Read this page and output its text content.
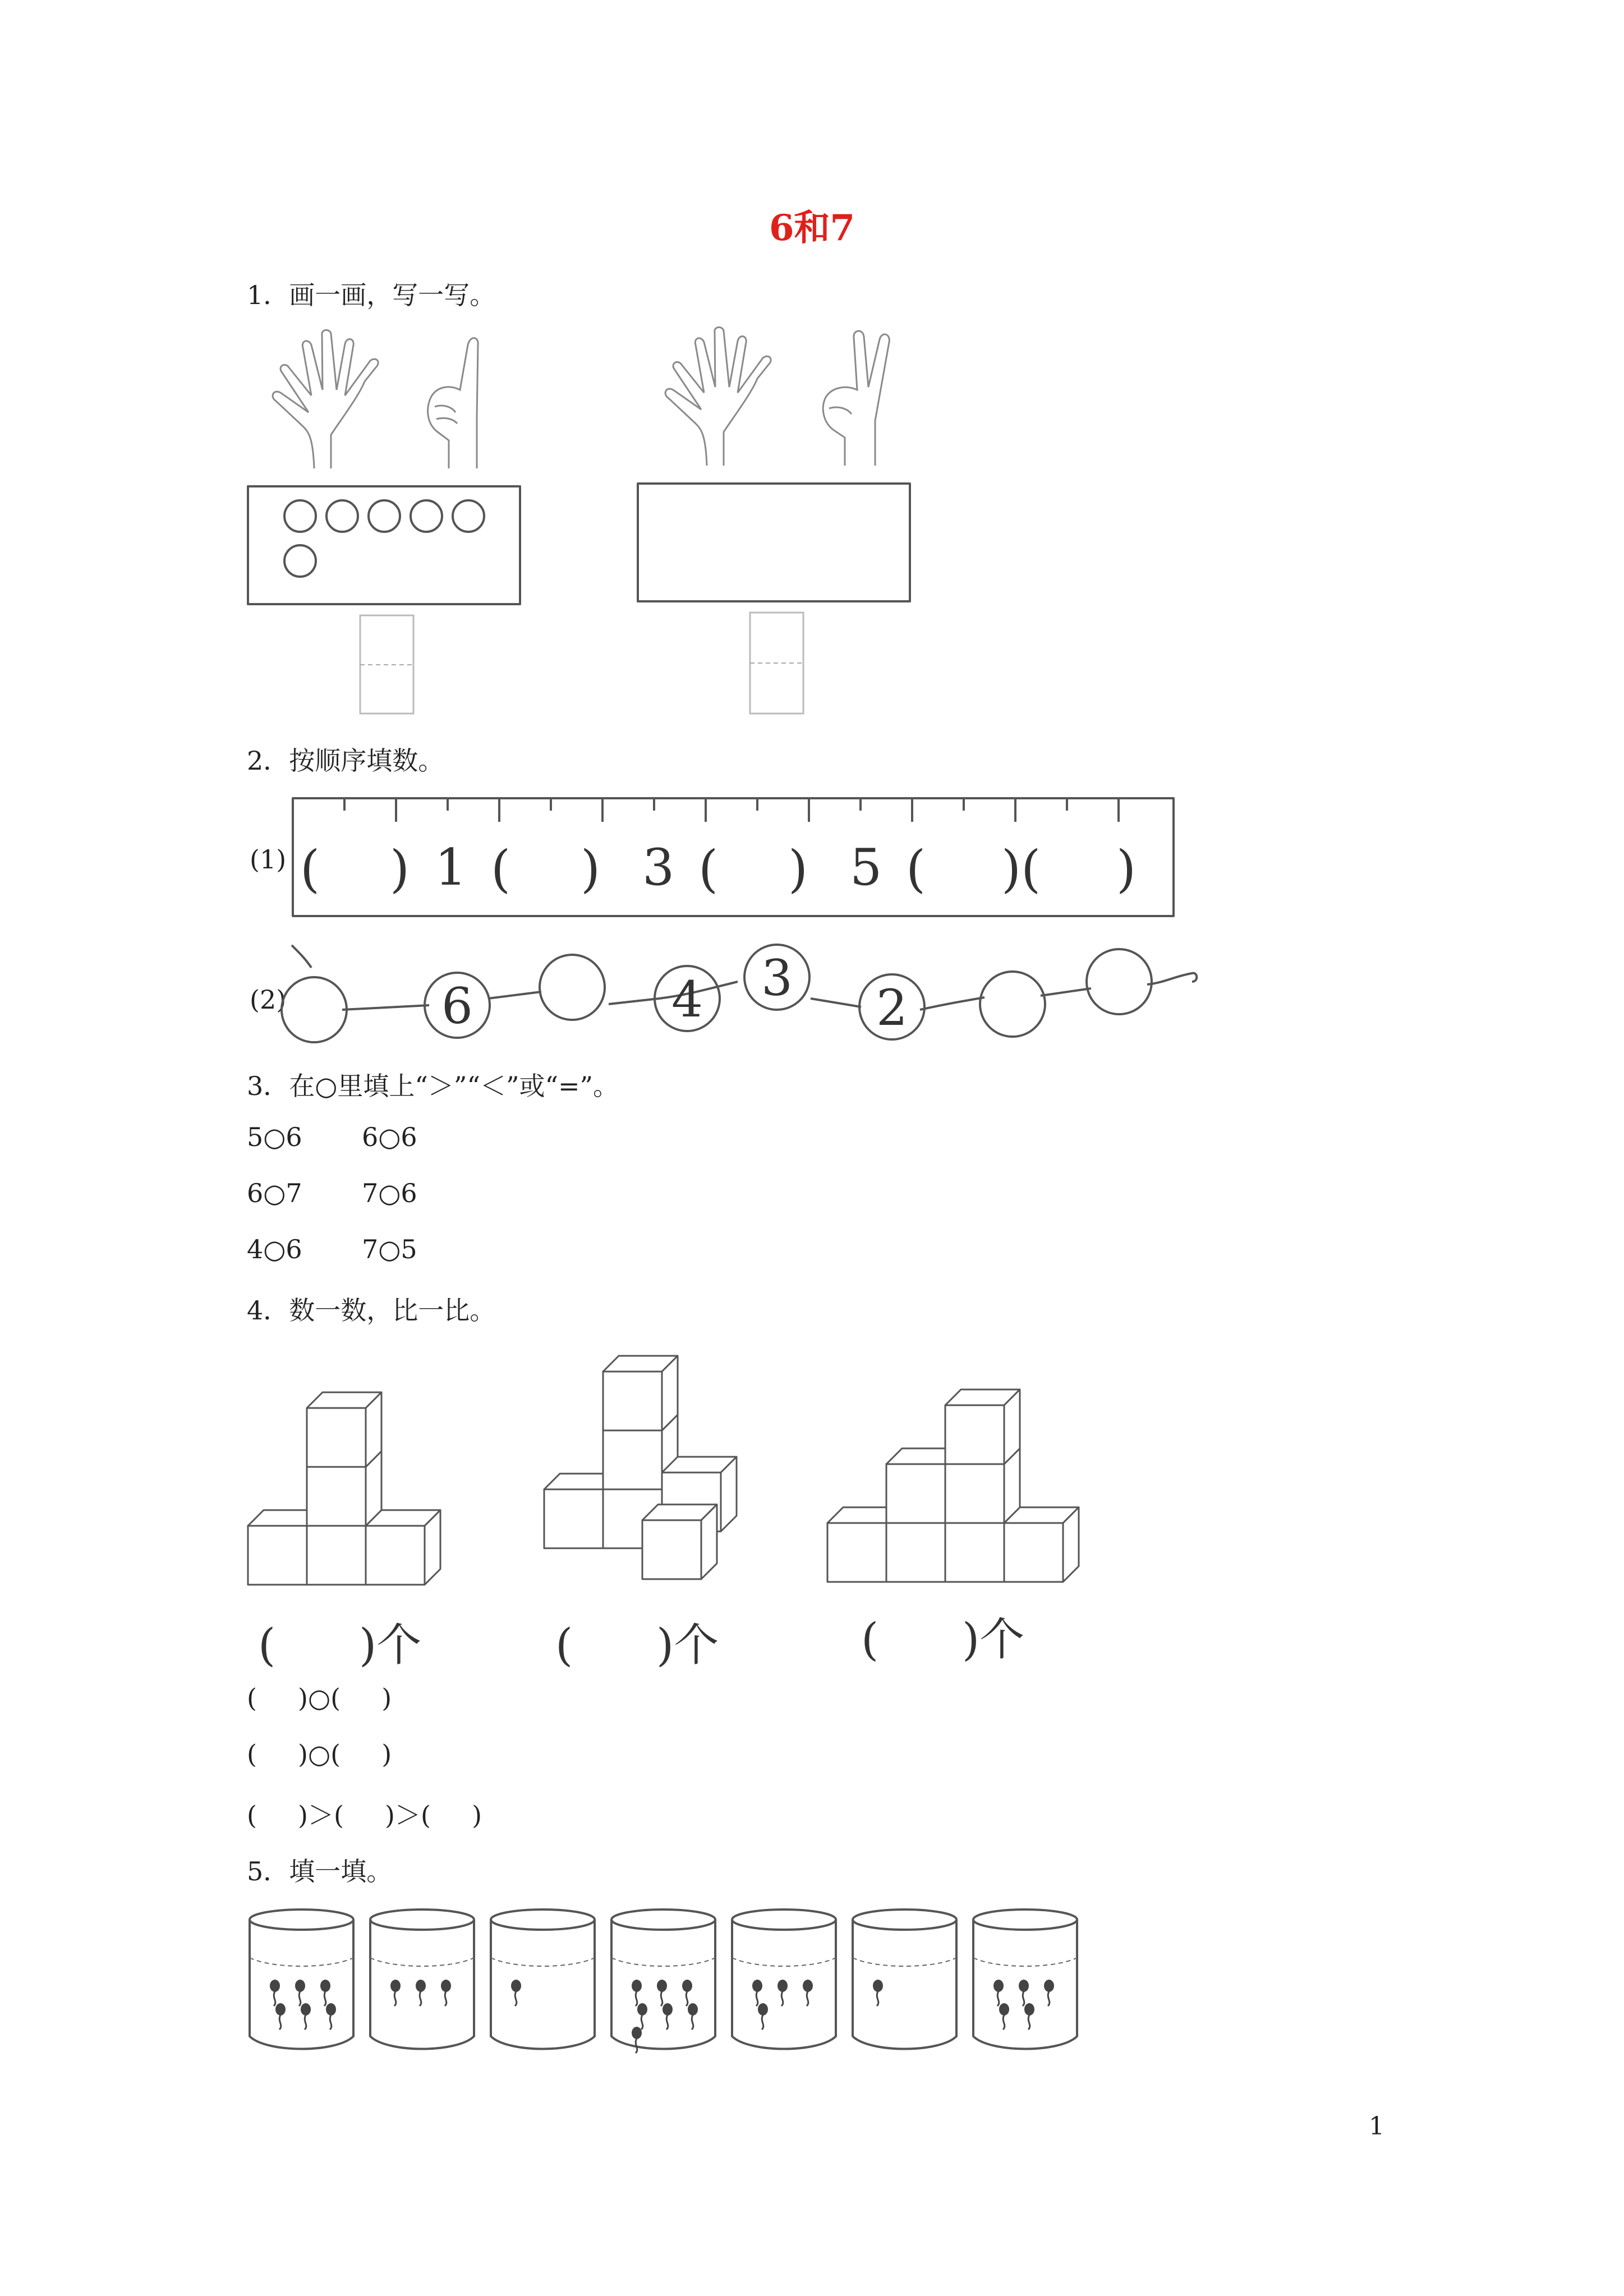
6和7
1．画一画，写一写。
2．按顺序填数。
(1) ( ) 1 ( ) 3 ( ) 5 ( )( )
(2)	6	4 3
2
3．在○里填上“＞”“＜”或“=”。
5○6 6○6
6○7 7○6
4○6 7○5
4．数一数，比一比。
( )个	( )个	( )个
(     )○(     )
(     )○(     )
(     )＞(     )＞(     )
5．填一填。
1
